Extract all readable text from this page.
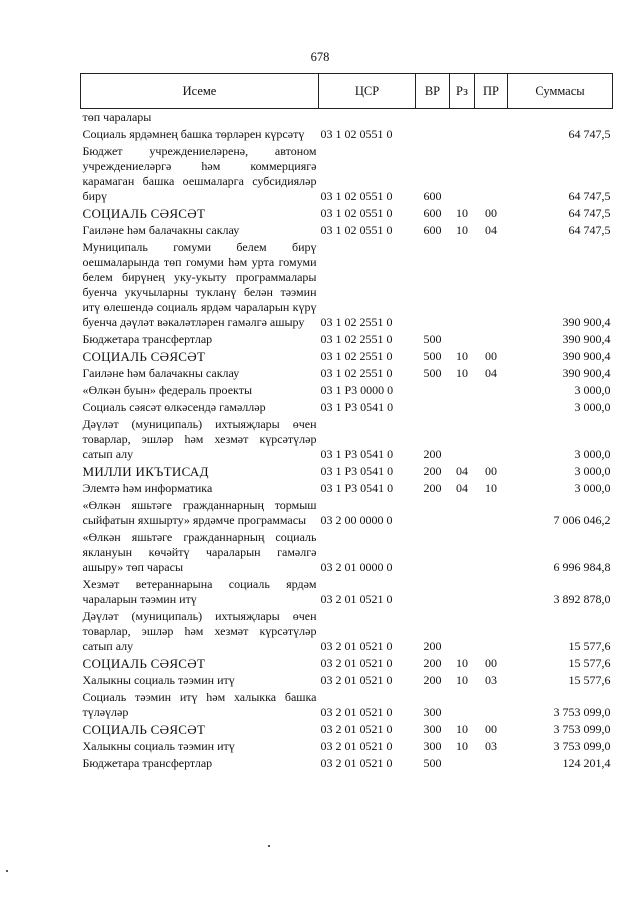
678
Исеме	ЦСР	ВР	Рз	ПР	Суммасы
төп чаралары					
Социаль ярдәмнең башка төрләрен күрсәтү	03 1 02 0551 0				64 747,5
Бюджет учреждениеләренә, автоном учреждениеләргә һәм коммерциягә карамаган башка оешмаларга субсидияләр бирү	03 1 02 0551 0	600			64 747,5
СОЦИАЛЬ СӘЯСӘТ	03 1 02 0551 0	600	10	00	64 747,5
Гаиләне һәм балачакны саклау	03 1 02 0551 0	600	10	04	64 747,5
Муниципаль гомуми белем бирү оешмаларында төп гомуми һәм урта гомуми белем бирүнең уку-укыту программалары буенча укучыларны тукланү белән тәэмин итү өлешендә социаль ярдәм чараларын күрү буенча дәүләт вәкаләтләрен гамәлгә ашыру	03 1 02 2551 0				390 900,4
Бюджетара трансфертлар	03 1 02 2551 0	500			390 900,4
СОЦИАЛЬ СӘЯСӘТ	03 1 02 2551 0	500	10	00	390 900,4
Гаиләне һәм балачакны саклау	03 1 02 2551 0	500	10	04	390 900,4
«Өлкән буын» федераль проекты	03 1 Р3 0000 0				3 000,0
Социаль сәясәт өлкәсендә гамәлләр	03 1 Р3 0541 0				3 000,0
Дәүләт (муниципаль) ихтыяҗлары өчен товарлар, эшләр һәм хезмәт күрсәтүләр сатып алу	03 1 Р3 0541 0	200			3 000,0
МИЛЛИ ИКЪТИСАД	03 1 Р3 0541 0	200	04	00	3 000,0
Элемтә һәм информатика	03 1 Р3 0541 0	200	04	10	3 000,0
«Өлкән яшьтәге гражданнарның тормыш сыйфатын яхшырту» ярдәмче программасы	03 2 00 0000 0				7 006 046,2
«Өлкән яшьтәге гражданнарның социаль яклануын көчәйтү чараларын гамәлгә ашыру» төп чарасы	03 2 01 0000 0				6 996 984,8
Хезмәт ветераннарына социаль ярдәм чараларын тәэмин итү	03 2 01 0521 0				3 892 878,0
Дәүләт (муниципаль) ихтыяҗлары өчен товарлар, эшләр һәм хезмәт күрсәтүләр сатып алу	03 2 01 0521 0	200			15 577,6
СОЦИАЛЬ СӘЯСӘТ	03 2 01 0521 0	200	10	00	15 577,6
Халыкны социаль тәэмин итү	03 2 01 0521 0	200	10	03	15 577,6
Социаль тәэмин итү һәм халыкка башка түләүләр	03 2 01 0521 0	300			3 753 099,0
СОЦИАЛЬ СӘЯСӘТ	03 2 01 0521 0	300	10	00	3 753 099,0
Халыкны социаль тәэмин итү	03 2 01 0521 0	300	10	03	3 753 099,0
Бюджетара трансфертлар	03 2 01 0521 0	500			124 201,4
